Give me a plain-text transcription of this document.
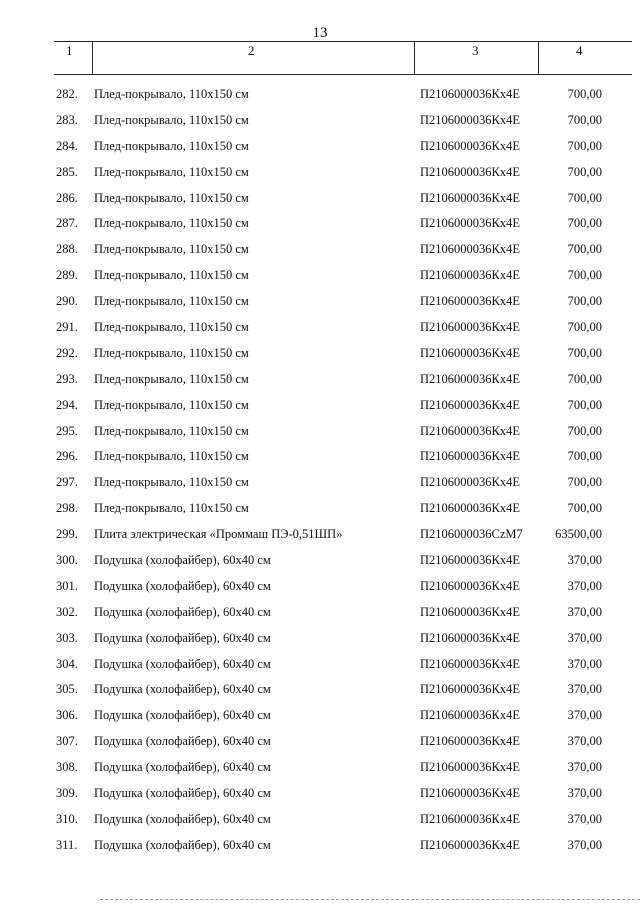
13
1	2	3	4
282.	Плед-покрывало, 110x150 см	П2106000036Кх4Е	700,00
283.	Плед-покрывало, 110x150 см	П2106000036Кх4Е	700,00
284.	Плед-покрывало, 110x150 см	П2106000036Кх4Е	700,00
285.	Плед-покрывало, 110x150 см	П2106000036Кх4Е	700,00
286.	Плед-покрывало, 110x150 см	П2106000036Кх4Е	700,00
287.	Плед-покрывало, 110x150 см	П2106000036Кх4Е	700,00
288.	Плед-покрывало, 110x150 см	П2106000036Кх4Е	700,00
289.	Плед-покрывало, 110x150 см	П2106000036Кх4Е	700,00
290.	Плед-покрывало, 110x150 см	П2106000036Кх4Е	700,00
291.	Плед-покрывало, 110x150 см	П2106000036Кх4Е	700,00
292.	Плед-покрывало, 110x150 см	П2106000036Кх4Е	700,00
293.	Плед-покрывало, 110x150 см	П2106000036Кх4Е	700,00
294.	Плед-покрывало, 110x150 см	П2106000036Кх4Е	700,00
295.	Плед-покрывало, 110x150 см	П2106000036Кх4Е	700,00
296.	Плед-покрывало, 110x150 см	П2106000036Кх4Е	700,00
297.	Плед-покрывало, 110x150 см	П2106000036Кх4Е	700,00
298.	Плед-покрывало, 110x150 см	П2106000036Кх4Е	700,00
299.	Плита электрическая «Проммаш ПЭ-0,51ШП»	П2106000036CzM7	63500,00
300.	Подушка (холофайбер), 60x40 см	П2106000036Кх4Е	370,00
301.	Подушка (холофайбер), 60x40 см	П2106000036Кх4Е	370,00
302.	Подушка (холофайбер), 60x40 см	П2106000036Кх4Е	370,00
303.	Подушка (холофайбер), 60x40 см	П2106000036Кх4Е	370,00
304.	Подушка (холофайбер), 60x40 см	П2106000036Кх4Е	370,00
305.	Подушка (холофайбер), 60x40 см	П2106000036Кх4Е	370,00
306.	Подушка (холофайбер), 60x40 см	П2106000036Кх4Е	370,00
307.	Подушка (холофайбер), 60x40 см	П2106000036Кх4Е	370,00
308.	Подушка (холофайбер), 60x40 см	П2106000036Кх4Е	370,00
309.	Подушка (холофайбер), 60x40 см	П2106000036Кх4Е	370,00
310.	Подушка (холофайбер), 60x40 см	П2106000036Кх4Е	370,00
311.	Подушка (холофайбер), 60x40 см	П2106000036Кх4Е	370,00
